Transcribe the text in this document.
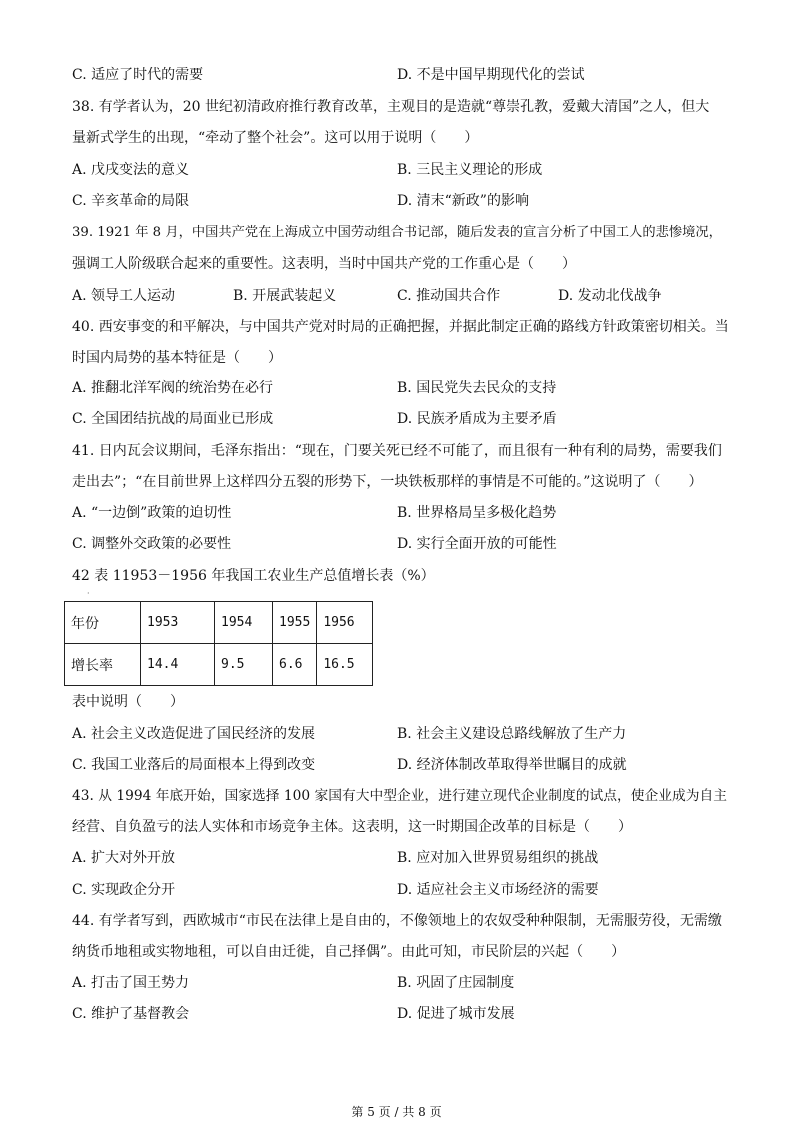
C. 适应了时代的需要	D. 不是中国早期现代化的尝试
38. 有学者认为，20 世纪初清政府推行教育改革，主观目的是造就“尊崇孔教，爱戴大清国”之人，但大
量新式学生的出现，“牵动了整个社会”。这可以用于说明（　　）
A. 戊戌变法的意义	B. 三民主义理论的形成
C. 辛亥革命的局限	D. 清末“新政”的影响
39. 1921 年 8 月，中国共产党在上海成立中国劳动组合书记部，随后发表的宣言分析了中国工人的悲惨境况，
强调工人阶级联合起来的重要性。这表明，当时中国共产党的工作重心是（　　）
A. 领导工人运动	B. 开展武装起义	C. 推动国共合作	D. 发动北伐战争
40. 西安事变的和平解决，与中国共产党对时局的正确把握，并据此制定正确的路线方针政策密切相关。当
时国内局势的基本特征是（　　）
A. 推翻北洋军阀的统治势在必行	B. 国民党失去民众的支持
C. 全国团结抗战的局面业已形成	D. 民族矛盾成为主要矛盾
41. 日内瓦会议期间，毛泽东指出：“现在，门要关死已经不可能了，而且很有一种有利的局势，需要我们
走出去”；“在目前世界上这样四分五裂的形势下，一块铁板那样的事情是不可能的。”这说明了（　　）
A. “一边倒”政策的迫切性	B. 世界格局呈多极化趋势
C. 调整外交政策的必要性	D. 实行全面开放的可能性
42 表 11953－1956 年我国工农业生产总值增长表（%）
·
年份	1953	1954	1955	1956
增长率	14.4	9.5	6.6	16.5
表中说明（　　）
A. 社会主义改造促进了国民经济的发展	B. 社会主义建设总路线解放了生产力
C. 我国工业落后的局面根本上得到改变	D. 经济体制改革取得举世瞩目的成就
43. 从 1994 年底开始，国家选择 100 家国有大中型企业，进行建立现代企业制度的试点，使企业成为自主
经营、自负盈亏的法人实体和市场竞争主体。这表明，这一时期国企改革的目标是（　　）
A. 扩大对外开放	B. 应对加入世界贸易组织的挑战
C. 实现政企分开	D. 适应社会主义市场经济的需要
44. 有学者写到，西欧城市“市民在法律上是自由的，不像领地上的农奴受种种限制，无需服劳役，无需缴
纳货币地租或实物地租，可以自由迁徙，自己择偶”。由此可知，市民阶层的兴起（　　）
A. 打击了国王势力	B. 巩固了庄园制度
C. 维护了基督教会	D. 促进了城市发展
第 5 页 / 共 8 页
